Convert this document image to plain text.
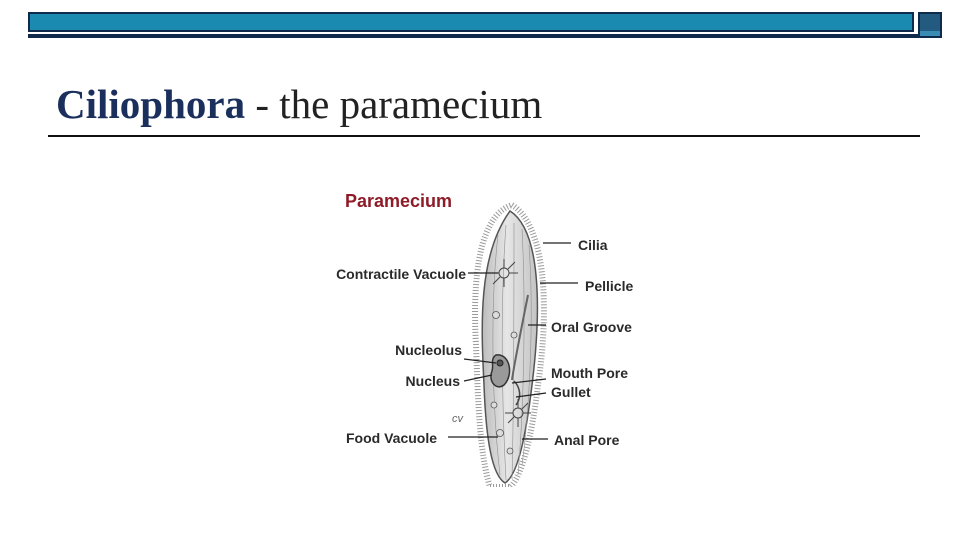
Ciliophora - the paramecium
Paramecium
Cilia
Pellicle
Oral Groove
Mouth Pore
Gullet
Anal Pore
Contractile Vacuole
Nucleolus
Nucleus
Food Vacuole
cv
